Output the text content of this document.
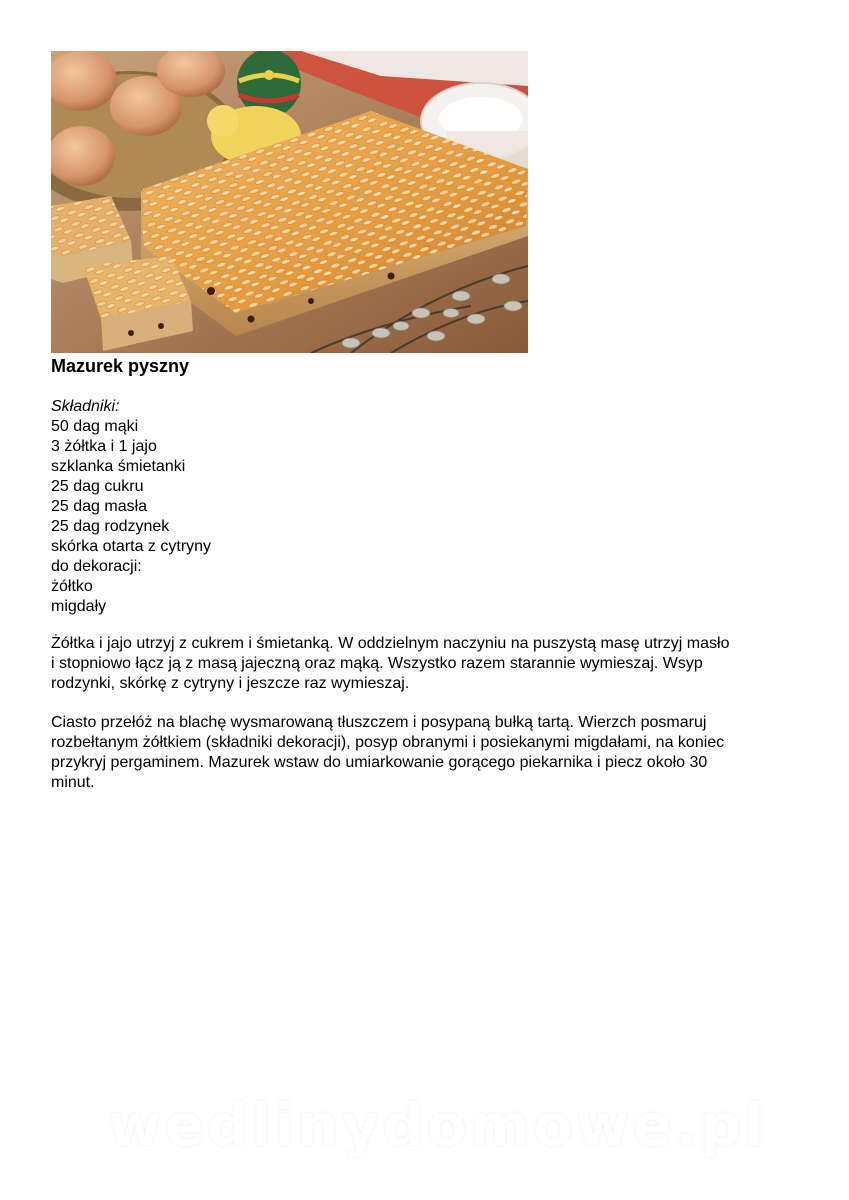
Mazurek pyszny
Składniki:
50 dag mąki
3 żółtka i 1 jajo
szklanka śmietanki
25 dag cukru
25 dag masła
25 dag rodzynek
skórka otarta z cytryny
do dekoracji:
żółtko
migdały

Żółtka i jajo utrzyj z cukrem i śmietanką. W oddzielnym naczyniu na puszystą masę utrzyj masło
i stopniowo łącz ją z masą jajeczną oraz mąką. Wszystko razem starannie wymieszaj. Wsyp
rodzynki, skórkę z cytryny i jeszcze raz wymieszaj.

Ciasto przełóż na blachę wysmarowaną tłuszczem i posypaną bułką tartą. Wierzch posmaruj
rozbełtanym żółtkiem (składniki dekoracji), posyp obranymi i posiekanymi migdałami, na koniec
przykryj pergaminem. Mazurek wstaw do umiarkowanie gorącego piekarnika i piecz około 30
minut.

wedlinydomowe.pl
